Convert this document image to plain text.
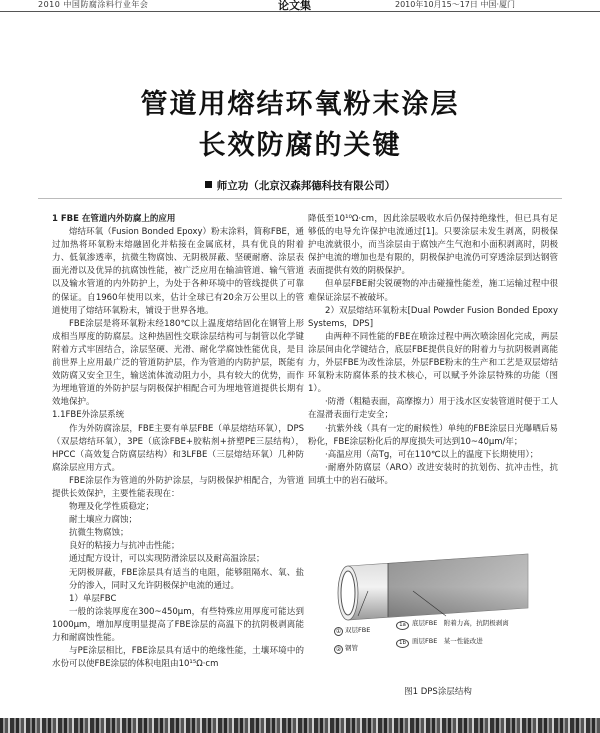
2010 中国防腐涂料行业年会	论文集	2010年10月15～17日 中国·厦门
管道用熔结环氧粉末涂层
长效防腐的关键
师立功（北京汉森邦德科技有限公司）

1 FBE 在管道内外防腐上的应用

熔结环氧（Fusion Bonded Epoxy）粉末涂料，简称FBE，通过加热将环氧粉末熔融固化并粘接在金属底材，具有优良的附着力、低氧渗透率，抗微生物腐蚀、无阴极屏蔽、坚硬耐磨、涂层表面光滑以及优异的抗腐蚀性能，被广泛应用在输油管道、输气管道以及输水管道的内外防护上，为处于各种环境中的管线提供了可靠的保证。自1960年使用以来，估计全球已有20余万公里以上的管道使用了熔结环氧粉末，铺设于世界各地。

FBE涂层是将环氧粉末经180℃以上温度熔结固化在钢管上形成相当厚度的防腐层。这种热固性交联涂层结构可与制管以化学键附着方式牢固结合，涂层坚硬、光滑、耐化学腐蚀性能优良，是目前世界上应用最广泛的管道防护层，作为管道的内防护层，既能有效防腐又安全卫生，输送流体流动阻力小，具有较大的优势，而作为埋地管道的外防护层与阴极保护相配合可为埋地管道提供长期有效地保护。

1.1FBE外涂层系统

作为外防腐涂层，FBE主要有单层FBE（单层熔结环氧），DPS（双层熔结环氧），3PE（底涂FBE+胶粘剂+挤塑PE三层结构），HPCC（高效复合防腐层结构）和3LFBE（三层熔结环氧）几种防腐涂层应用方式。

FBE涂层作为管道的外防护涂层，与阴极保护相配合，为管道提供长效保护，主要性能表现在：

物理及化学性质稳定；

耐土壤应力腐蚀；

抗微生物腐蚀；

良好的粘接力与抗冲击性能；

通过配方设计，可以实现防滑涂层以及耐高温涂层；

无阴极屏蔽，FBE涂层具有适当的电阻，能够阻隔水、氧、盐分的渗入，同时又允许阴极保护电流的通过。

1）单层FBC

一般的涂装厚度在300~450μm，有些特殊应用厚度可能达到1000μm，增加厚度明显提高了FBE涂层的高温下的抗阴极剥离能力和耐腐蚀性能。

与PE涂层相比，FBE涂层具有适中的绝缘性能，土壤环境中的水份可以使FBE涂层的体积电阻由10¹⁵Ω·cm

降低至10¹⁰Ω·cm，因此涂层吸收水后仍保持绝缘性，但已具有足够低的电导允许保护电流通过[1]。只要涂层未发生剥离，阴极保护电流就很小，而当涂层由于腐蚀产生气泡和小面积剥离时，阴极保护电流的增加也是有限的，阴极保护电流仍可穿透涂层到达钢管表面提供有效的阴极保护。

但单层FBE耐尖锐硬物的冲击碰撞性能差，施工运输过程中很难保证涂层不被破坏。

2）双层熔结环氧粉末[Dual Powder Fusion Bonded Epoxy Systems，DPS]

由两种不同性能的FBE在喷涂过程中两次喷涂固化完成，两层涂层间由化学键结合，底层FBE提供良好的附着力与抗阴极剥离能力，外层FBE为改性涂层，外层FBE粉末的生产和工艺是双层熔结环氧粉末防腐体系的技术核心，可以赋予外涂层特殊的功能（图1）。

·防滑（粗糙表面，高摩擦力）用于浅水区安装管道时便于工人在湿滑表面行走安全；

·抗紫外线（具有一定的耐候性）单纯的FBE涂层日光曝晒后易粉化，FBE涂层粉化后的厚度损失可达到10~40μm/年；

·高温应用（高Tg，可在110℃以上的温度下长期使用）；

·耐磨外防腐层（ARO）改进安装时的抗划伤、抗冲击性，抗回填土中的岩石破坏。

① 双层FBE
② 钢管
1a 底层FBE　附着力高，抗阴极剥离
1b 面层FBE　某一性能改进
图1 DPS涂层结构
